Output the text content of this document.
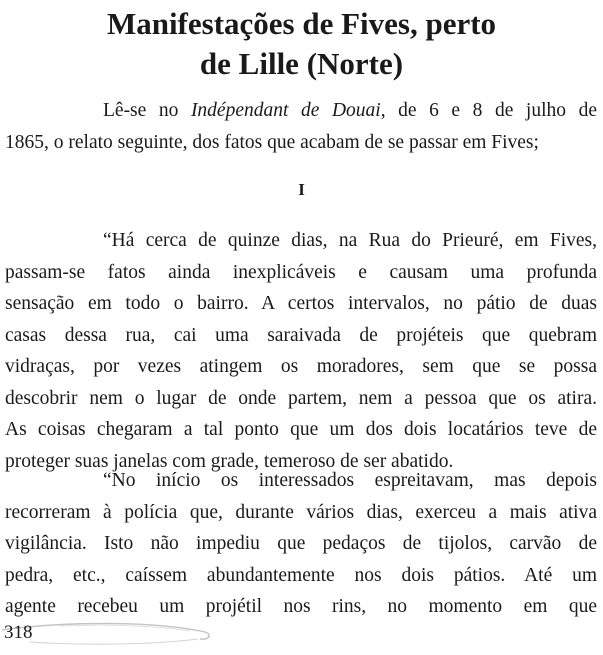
Manifestações de Fives, perto
de Lille (Norte)

Lê-se no Indépendant de Douai, de 6 e 8 de julho de
1865, o relato seguinte, dos fatos que acabam de se passar em Fives;

I

“Há cerca de quinze dias, na Rua do Prieuré, em Fives,
passam-se fatos ainda inexplicáveis e causam uma profunda
sensação em todo o bairro. A certos intervalos, no pátio de duas
casas dessa rua, cai uma saraivada de projéteis que quebram
vidraças, por vezes atingem os moradores, sem que se possa
descobrir nem o lugar de onde partem, nem a pessoa que os atira.
As coisas chegaram a tal ponto que um dos dois locatários teve de
proteger suas janelas com grade, temeroso de ser abatido.

“No início os interessados espreitavam, mas depois
recorreram à polícia que, durante vários dias, exerceu a mais ativa
vigilância. Isto não impediu que pedaços de tijolos, carvão de
pedra, etc., caíssem abundantemente nos dois pátios. Até um
agente recebeu um projétil nos rins, no momento em que

318
